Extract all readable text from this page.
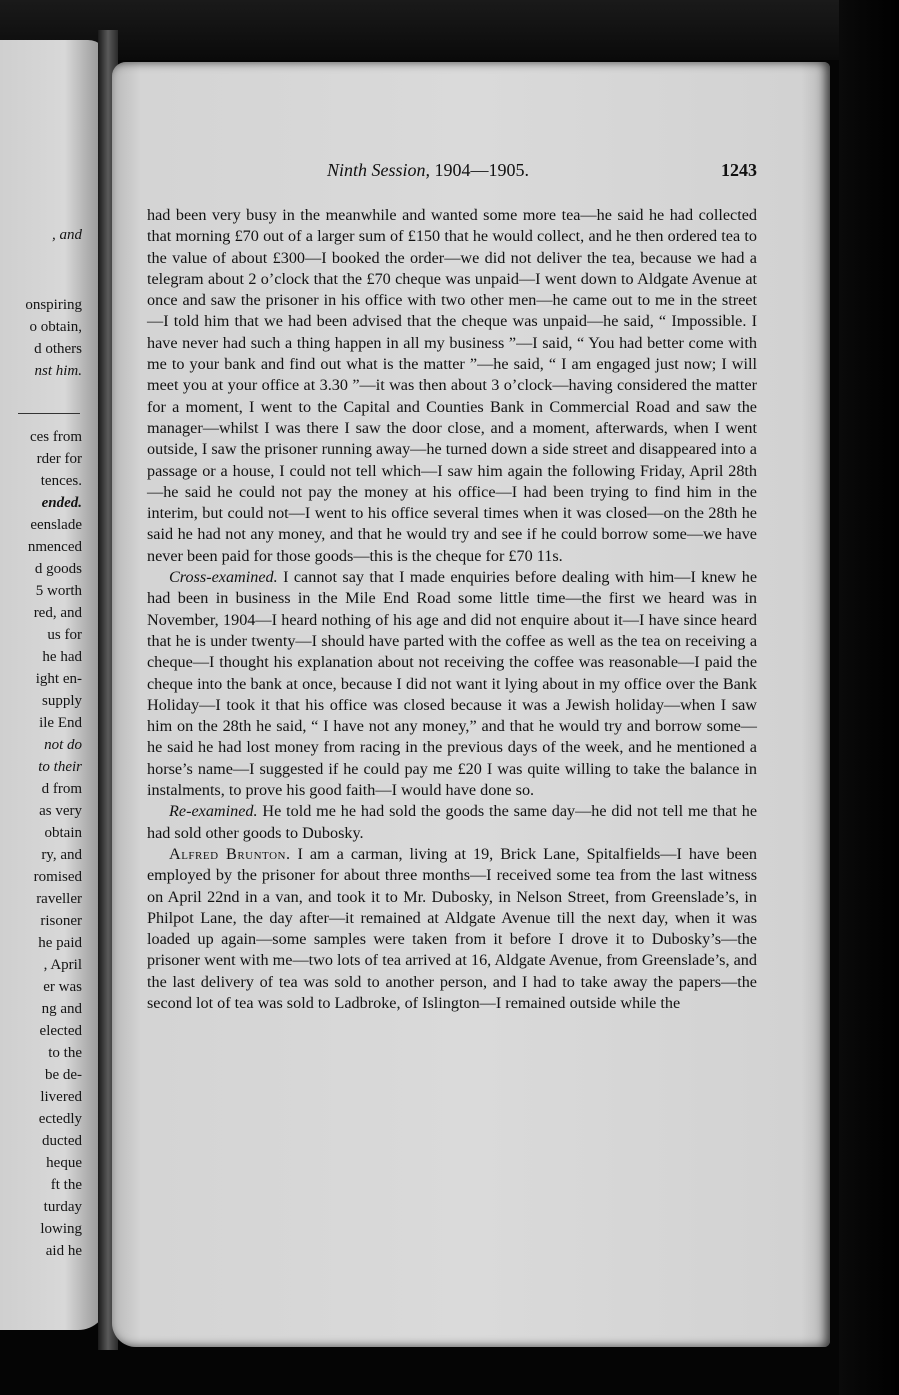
, and
onspiring
o obtain,
d others
nst him.
ces from
rder for
tences.
ended.
eensladе
nmenced
d goods
5 worth
red, and
us for
he had
ight en-
supply
ile End
not do
to their
d from
as very
obtain
ry, and
romised
raveller
risoner
he paid
, April
er was
ng and
elected
to the
be de-
livered
ectedly
ducted
heque
ft the
turday
lowing
aid he
Ninth Session, 1904—1905.	1243

had been very busy in the meanwhile and wanted some more tea—he said he had collected that morning £70 out of a larger sum of £150 that he would collect, and he then ordered tea to the value of about £300—I booked the order—we did not deliver the tea, because we had a telegram about 2 o’clock that the £70 cheque was unpaid—I went down to Aldgate Avenue at once and saw the prisoner in his office with two other men—he came out to me in the street—I told him that we had been advised that the cheque was unpaid—he said, “ Impossible. I have never had such a thing happen in all my business ”—I said, “ You had better come with me to your bank and find out what is the matter ”—he said, “ I am engaged just now; I will meet you at your office at 3.30 ”—it was then about 3 o’clock—having considered the matter for a moment, I went to the Capital and Counties Bank in Commercial Road and saw the manager—whilst I was there I saw the door close, and a moment, afterwards, when I went outside, I saw the prisoner running away—he turned down a side street and disappeared into a passage or a house, I could not tell which—I saw him again the following Friday, April 28th—he said he could not pay the money at his office—I had been trying to find him in the interim, but could not—I went to his office several times when it was closed—on the 28th he said he had not any money, and that he would try and see if he could borrow some—we have never been paid for those goods—this is the cheque for £70 11s.

Cross-examined. I cannot say that I made enquiries before dealing with him—I knew he had been in business in the Mile End Road some little time—the first we heard was in November, 1904—I heard nothing of his age and did not enquire about it—I have since heard that he is under twenty—I should have parted with the coffee as well as the tea on receiving a cheque—I thought his explanation about not receiving the coffee was reasonable—I paid the cheque into the bank at once, because I did not want it lying about in my office over the Bank Holiday—I took it that his office was closed because it was a Jewish holiday—when I saw him on the 28th he said, “ I have not any money,” and that he would try and borrow some—he said he had lost money from racing in the previous days of the week, and he mentioned a horse’s name—I suggested if he could pay me £20 I was quite willing to take the balance in instalments, to prove his good faith—I would have done so.

Re-examined. He told me he had sold the goods the same day—he did not tell me that he had sold other goods to Dubosky.

Alfred Brunton. I am a carman, living at 19, Brick Lane, Spitalfields—I have been employed by the prisoner for about three months—I received some tea from the last witness on April 22nd in a van, and took it to Mr. Dubosky, in Nelson Street, from Greenslade’s, in Philpot Lane, the day after—it remained at Aldgate Avenue till the next day, when it was loaded up again—some samples were taken from it before I drove it to Dubosky’s—the prisoner went with me—two lots of tea arrived at 16, Aldgate Avenue, from Greenslade’s, and the last delivery of tea was sold to another person, and I had to take away the papers—the second lot of tea was sold to Ladbroke, of Islington—I remained outside while the
